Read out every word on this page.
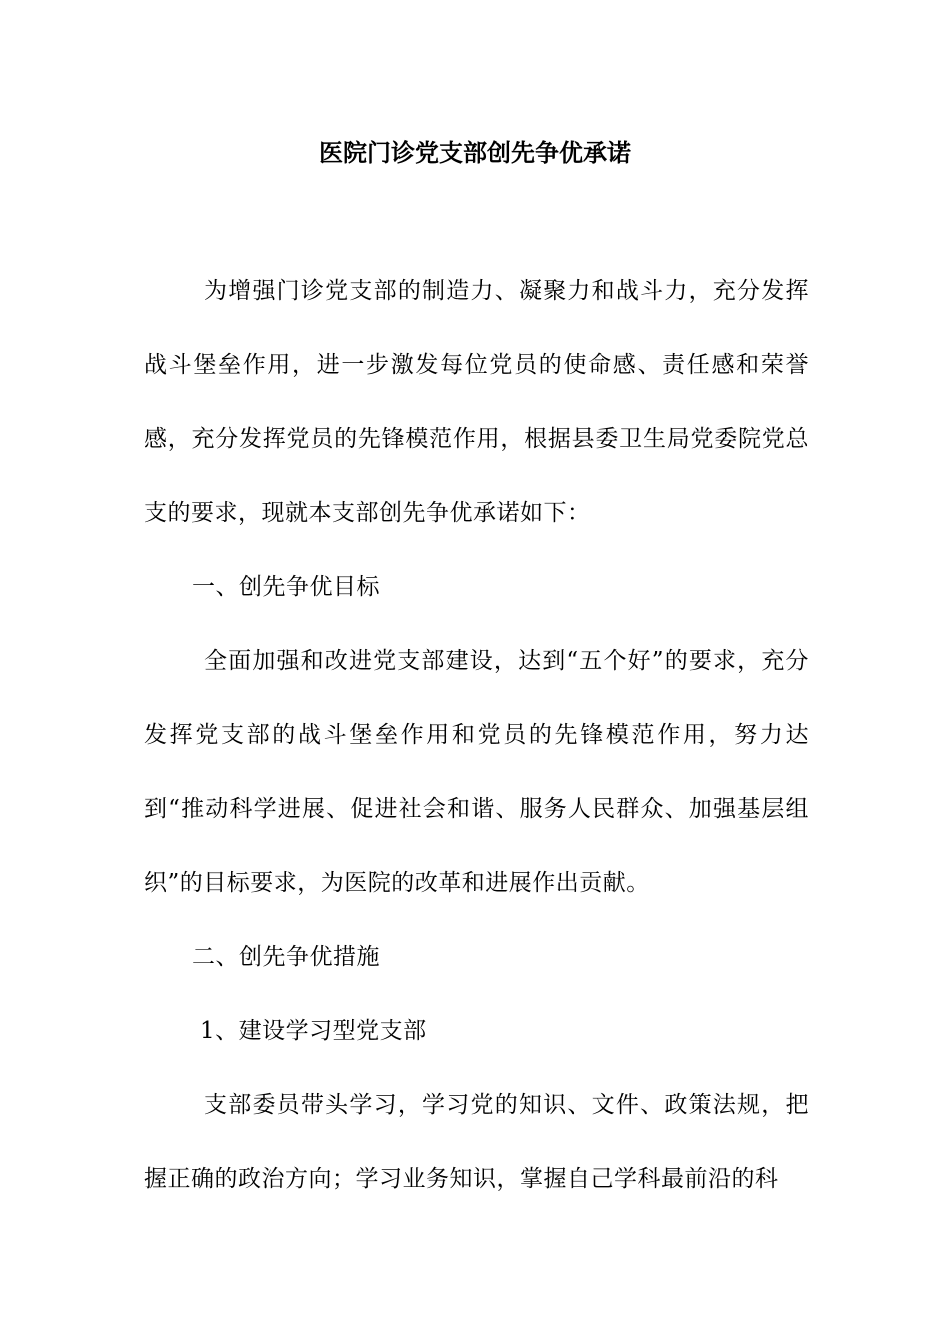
医院门诊党支部创先争优承诺

为增强门诊党支部的制造力、凝聚力和战斗力，充分发挥战斗堡垒作用，进一步激发每位党员的使命感、责任感和荣誉感，充分发挥党员的先锋模范作用，根据县委卫生局党委院党总支的要求，现就本支部创先争优承诺如下：

一、创先争优目标

全面加强和改进党支部建设，达到“五个好”的要求，充分发挥党支部的战斗堡垒作用和党员的先锋模范作用，努力达到“推动科学进展、促进社会和谐、服务人民群众、加强基层组织”的目标要求，为医院的改革和进展作出贡献。

二、创先争优措施

1、建设学习型党支部

支部委员带头学习，学习党的知识、文件、政策法规，把握正确的政治方向；学习业务知识，掌握自己学科最前沿的科
